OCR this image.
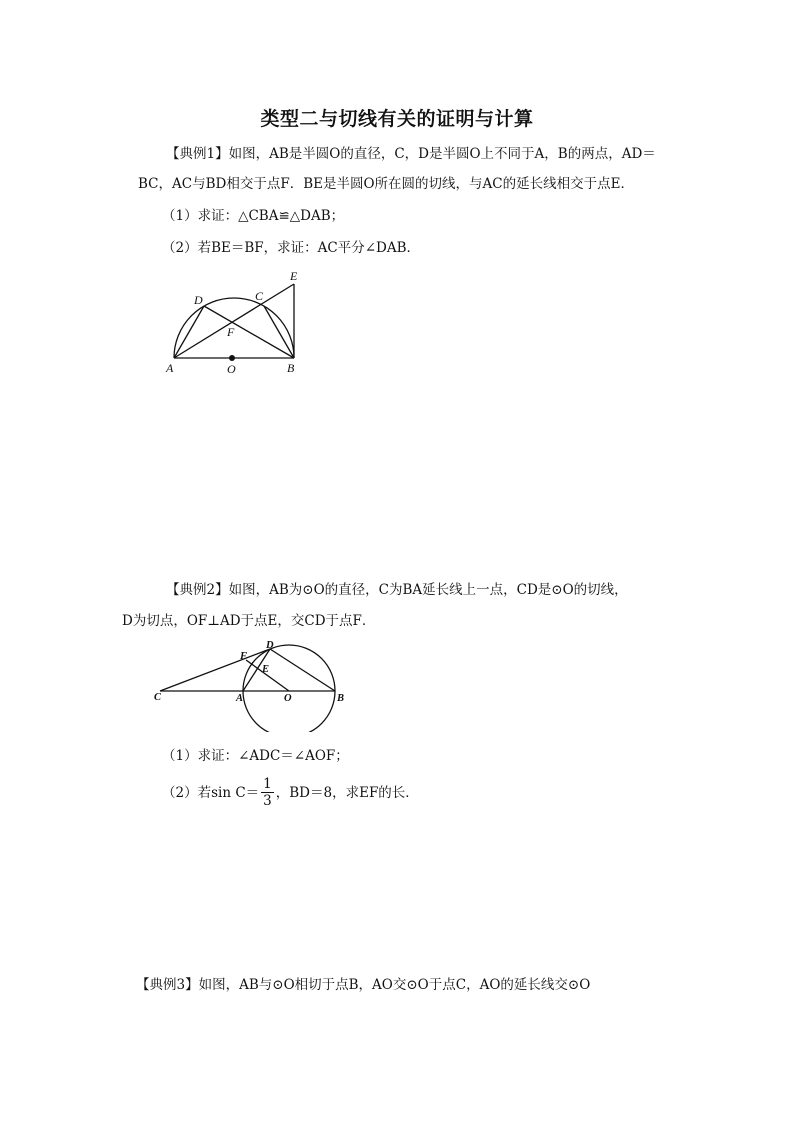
类型二与切线有关的证明与计算
【典例1】如图，AB是半圆O的直径，C，D是半圆O上不同于A，B的两点，AD＝
BC，AC与BD相交于点F．BE是半圆O所在圆的切线，与AC的延长线相交于点E．
（1）求证：△CBA≌△DAB；
（2）若BE＝BF，求证：AC平分∠DAB．
E
D	C
F
A	O	B
【典例2】如图，AB为⊙O的直径，C为BA延长线上一点，CD是⊙O的切线，
D为切点，OF⊥AD于点E，交CD于点F．
D
F
E
C	A	O	B
（1）求证：∠ADC＝∠AOF；
（2）若$\sin C= \frac{1}{3}$ ，BD＝8，求EF的长．
【典例3】如图，AB与⊙O相切于点B，AO交⊙O于点C，AO的延长线交⊙O
